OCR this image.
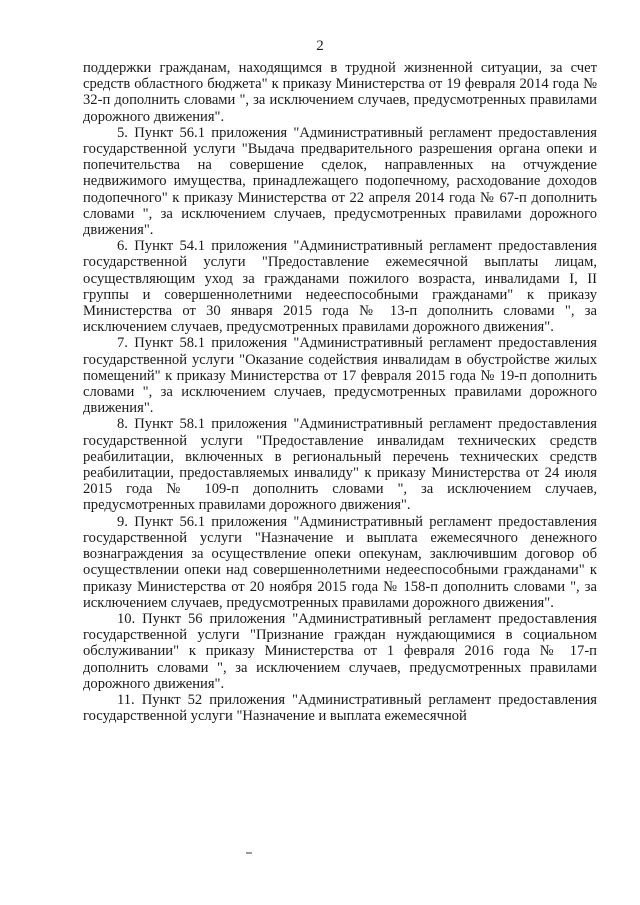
2

поддержки гражданам, находящимся в трудной жизненной ситуации, за счет средств областного бюджета" к приказу Министерства от 19 февраля 2014 года № 32-п дополнить словами ", за исключением случаев, предусмотренных правилами дорожного движения".

5. Пункт 56.1 приложения "Административный регламент предоставления государственной услуги "Выдача предварительного разрешения органа опеки и попечительства на совершение сделок, направленных на отчуждение недвижимого имущества, принадлежащего подопечному, расходование доходов подопечного" к приказу Министерства от 22 апреля 2014 года № 67-п дополнить словами ", за исключением случаев, предусмотренных правилами дорожного движения".

6. Пункт 54.1 приложения "Административный регламент предоставления государственной услуги "Предоставление ежемесячной выплаты лицам, осуществляющим уход за гражданами пожилого возраста, инвалидами I, II группы и совершеннолетними недееспособными гражданами" к приказу Министерства от 30 января 2015 года № 13-п дополнить словами ", за исключением случаев, предусмотренных правилами дорожного движения".

7. Пункт 58.1 приложения "Административный регламент предоставления государственной услуги "Оказание содействия инвалидам в обустройстве жилых помещений" к приказу Министерства от 17 февраля 2015 года № 19-п дополнить словами ", за исключением случаев, предусмотренных правилами дорожного движения".

8. Пункт 58.1 приложения "Административный регламент предоставления государственной услуги "Предоставление инвалидам технических средств реабилитации, включенных в региональный перечень технических средств реабилитации, предоставляемых инвалиду" к приказу Министерства от 24 июля 2015 года № 109-п дополнить словами ", за исключением случаев, предусмотренных правилами дорожного движения".

9. Пункт 56.1 приложения "Административный регламент предоставления государственной услуги "Назначение и выплата ежемесячного денежного вознаграждения за осуществление опеки опекунам, заключившим договор об осуществлении опеки над совершеннолетними недееспособными гражданами" к приказу Министерства от 20 ноября 2015 года № 158-п дополнить словами ", за исключением случаев, предусмотренных правилами дорожного движения".

10. Пункт 56 приложения "Административный регламент предоставления государственной услуги "Признание граждан нуждающимися в социальном обслуживании" к приказу Министерства от 1 февраля 2016 года № 17-п дополнить словами ", за исключением случаев, предусмотренных правилами дорожного движения".

11. Пункт 52 приложения "Административный регламент предоставления государственной услуги "Назначение и выплата ежемесячной
